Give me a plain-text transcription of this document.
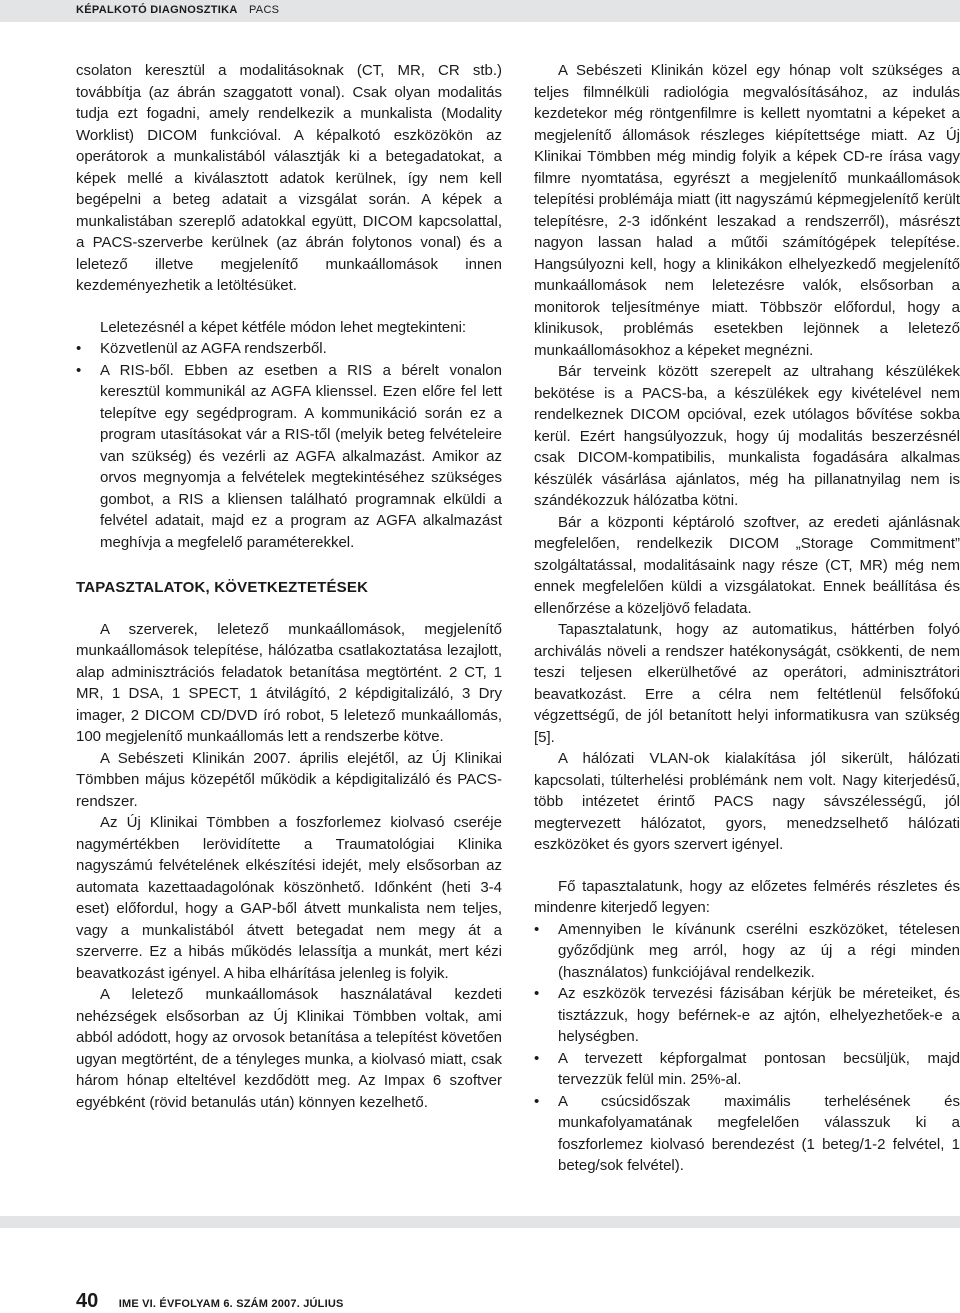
KÉPALKOTÓ DIAGNOSZTIKA PACS

csolaton keresztül a modalitásoknak (CT, MR, CR stb.) továbbítja (az ábrán szaggatott vonal). Csak olyan modalitás tudja ezt fogadni, amely rendelkezik a munkalista (Modality Worklist) DICOM funkcióval. A képalkotó eszközökön az operátorok a munkalistából választják ki a betegadatokat, a képek mellé a kiválasztott adatok kerülnek, így nem kell begépelni a beteg adatait a vizsgálat során. A képek a munkalistában szereplő adatokkal együtt, DICOM kapcsolattal, a PACS-szerverbe kerülnek (az ábrán folytonos vonal) és a leletező illetve megjelenítő munkaállomások innen kezdeményezhetik a letöltésüket.

Leletezésnél a képet kétféle módon lehet megtekinteni:

• Közvetlenül az AGFA rendszerből.
• A RIS-ből. Ebben az esetben a RIS a bérelt vonalon keresztül kommunikál az AGFA klienssel. Ezen előre fel lett telepítve egy segédprogram. A kommunikáció során ez a program utasításokat vár a RIS-től (melyik beteg felvételeire van szükség) és vezérli az AGFA alkalmazást. Amikor az orvos megnyomja a felvételek megtekintéséhez szükséges gombot, a RIS a kliensen található programnak elküldi a felvétel adatait, majd ez a program az AGFA alkalmazást meghívja a megfelelő paraméterekkel.
TAPASZTALATOK, KÖVETKEZTETÉSEK

A szerverek, leletező munkaállomások, megjelenítő munkaállomások telepítése, hálózatba csatlakoztatása lezajlott, alap adminisztrációs feladatok betanítása megtörtént. 2 CT, 1 MR, 1 DSA, 1 SPECT, 1 átvilágító, 2 képdigitalizáló, 3 Dry imager, 2 DICOM CD/DVD író robot, 5 leletező munkaállomás, 100 megjelenítő munkaállomás lett a rendszerbe kötve.

A Sebészeti Klinikán 2007. április elejétől, az Új Klinikai Tömbben május közepétől működik a képdigitalizáló és PACS-rendszer.

Az Új Klinikai Tömbben a foszforlemez kiolvasó cseréje nagymértékben lerövidítette a Traumatológiai Klinika nagyszámú felvételének elkészítési idejét, mely elsősorban az automata kazettaadagolónak köszönhető. Időnként (heti 3-4 eset) előfordul, hogy a GAP-ből átvett munkalista nem teljes, vagy a munkalistából átvett betegadat nem megy át a szerverre. Ez a hibás működés lelassítja a munkát, mert kézi beavatkozást igényel. A hiba elhárítása jelenleg is folyik.

A leletező munkaállomások használatával kezdeti nehézségek elsősorban az Új Klinikai Tömbben voltak, ami abból adódott, hogy az orvosok betanítása a telepítést követően ugyan megtörtént, de a tényleges munka, a kiolvasó miatt, csak három hónap elteltével kezdődött meg. Az Impax 6 szoftver egyébként (rövid betanulás után) könnyen kezelhető.

A Sebészeti Klinikán közel egy hónap volt szükséges a teljes filmnélküli radiológia megvalósításához, az indulás kezdetekor még röntgenfilmre is kellett nyomtatni a képeket a megjelenítő állomások részleges kiépítettsége miatt. Az Új Klinikai Tömbben még mindig folyik a képek CD-re írása vagy filmre nyomtatása, egyrészt a megjelenítő munkaállomások telepítési problémája miatt (itt nagyszámú képmegjelenítő került telepítésre, 2-3 időnként leszakad a rendszerről), másrészt nagyon lassan halad a műtői számítógépek telepítése. Hangsúlyozni kell, hogy a klinikákon elhelyezkedő megjelenítő munkaállomások nem leletezésre valók, elsősorban a monitorok teljesítménye miatt. Többször előfordul, hogy a klinikusok, problémás esetekben lejönnek a leletező munkaállomásokhoz a képeket megnézni.

Bár terveink között szerepelt az ultrahang készülékek bekötése is a PACS-ba, a készülékek egy kivételével nem rendelkeznek DICOM opcióval, ezek utólagos bővítése sokba kerül. Ezért hangsúlyozzuk, hogy új modalitás beszerzésnél csak DICOM-kompatibilis, munkalista fogadására alkalmas készülék vásárlása ajánlatos, még ha pillanatnyilag nem is szándékozzuk hálózatba kötni.

Bár a központi képtároló szoftver, az eredeti ajánlásnak megfelelően, rendelkezik DICOM „Storage Commitment” szolgáltatással, modalitásaink nagy része (CT, MR) még nem ennek megfelelően küldi a vizsgálatokat. Ennek beállítása és ellenőrzése a közeljövő feladata.

Tapasztalatunk, hogy az automatikus, háttérben folyó archiválás növeli a rendszer hatékonyságát, csökkenti, de nem teszi teljesen elkerülhetővé az operátori, adminisztrátori beavatkozást. Erre a célra nem feltétlenül felsőfokú végzettségű, de jól betanított helyi informatikusra van szükség [5].

A hálózati VLAN-ok kialakítása jól sikerült, hálózati kapcsolati, túlterhelési problémánk nem volt. Nagy kiterjedésű, több intézetet érintő PACS nagy sávszélességű, jól megtervezett hálózatot, gyors, menedzselhető hálózati eszközöket és gyors szervert igényel.

Fő tapasztalatunk, hogy az előzetes felmérés részletes és mindenre kiterjedő legyen:

• Amennyiben le kívánunk cserélni eszközöket, tételesen győződjünk meg arról, hogy az új a régi minden (használatos) funkciójával rendelkezik.
• Az eszközök tervezési fázisában kérjük be méreteiket, és tisztázzuk, hogy beférnek-e az ajtón, elhelyezhetőek-e a helységben.
• A tervezett képforgalmat pontosan becsüljük, majd tervezzük felül min. 25%-al.
• A csúcsidőszak maximális terhelésének és munkafolyamatának megfelelően válasszuk ki a foszforlemez kiolvasó berendezést (1 beteg/1-2 felvétel, 1 beteg/sok felvétel).
40 IME VI. ÉVFOLYAM 6. SZÁM 2007. JÚLIUS
